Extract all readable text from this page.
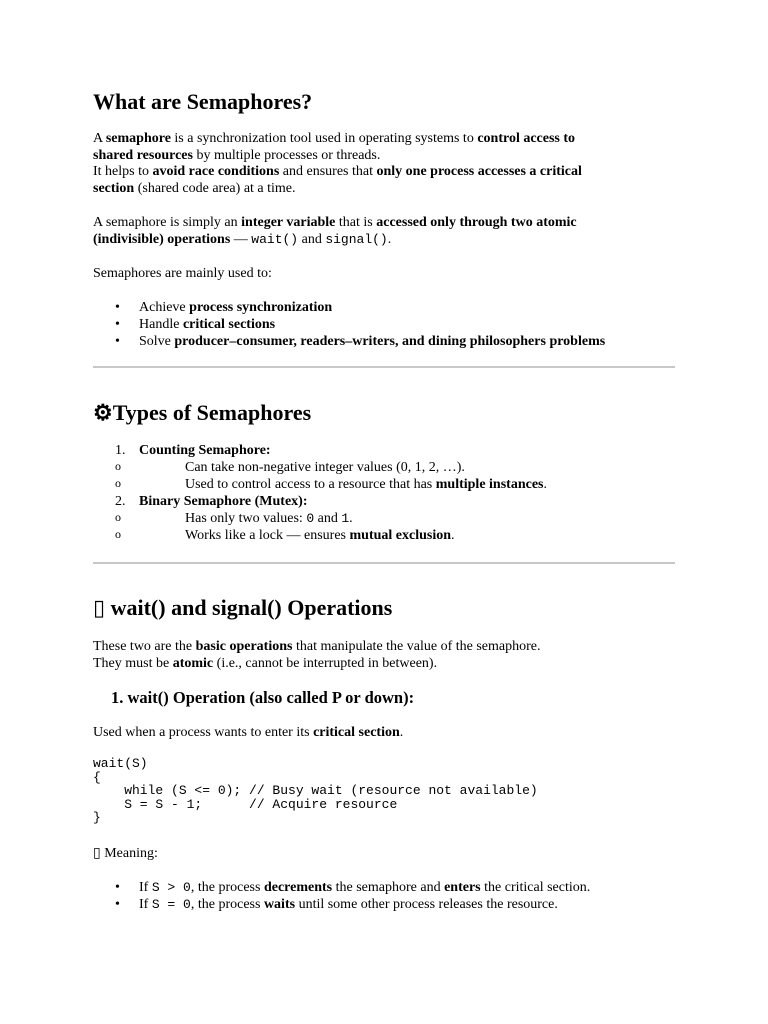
What are Semaphores?

A semaphore is a synchronization tool used in operating systems to control access to

shared resources by multiple processes or threads.

It helps to avoid race conditions and ensures that only one process accesses a critical

section (shared code area) at a time.

A semaphore is simply an integer variable that is accessed only through two atomic

(indivisible) operations — wait() and signal().

Semaphores are mainly used to:

• Achieve process synchronization
• Handle critical sections
• Solve producer–consumer, readers–writers, and dining philosophers problems
⚙Types of Semaphores
1. Counting Semaphore:
o Can take non-negative integer values (0, 1, 2, …).
o Used to control access to a resource that has multiple instances.
2. Binary Semaphore (Mutex):
o Has only two values: 0 and 1.
o Works like a lock — ensures mutual exclusion.
▯ wait() and signal() Operations

These two are the basic operations that manipulate the value of the semaphore.

They must be atomic (i.e., cannot be interrupted in between).

1. wait() Operation (also called P or down):

Used when a process wants to enter its critical section.

wait(S)
{
while (S <= 0); // Busy wait (resource not available)
S = S - 1;      // Acquire resource
}

▯ Meaning:

• If S > 0, the process decrements the semaphore and enters the critical section.
• If S = 0, the process waits until some other process releases the resource.
